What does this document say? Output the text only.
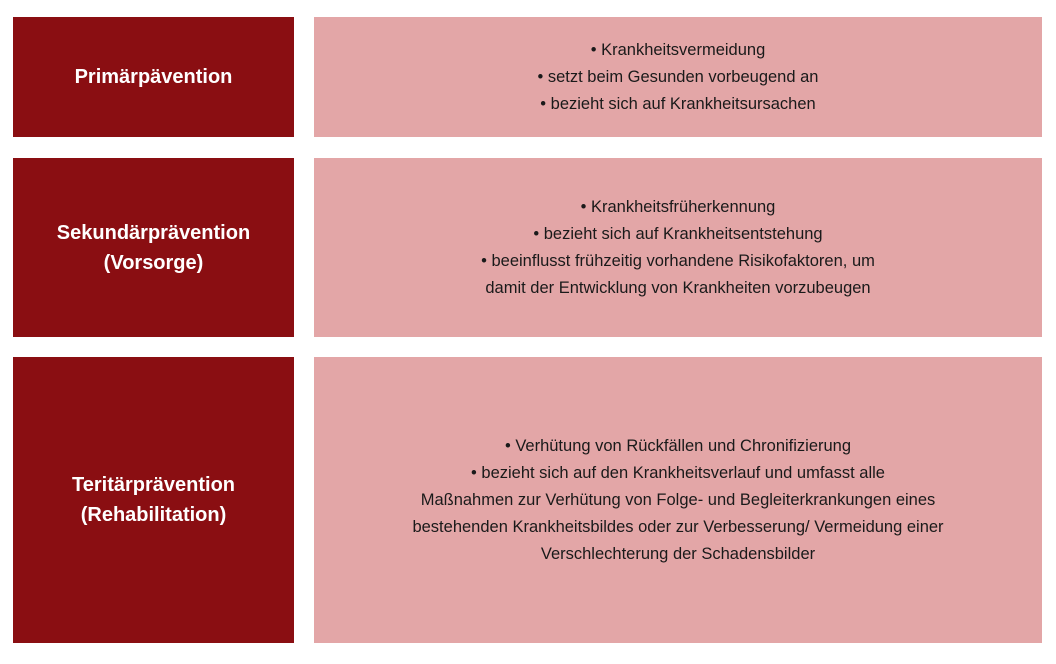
Primärpävention
• Krankheitsvermeidung
• setzt beim Gesunden vorbeugend an
• bezieht sich auf Krankheitsursachen
Sekundärprävention
(Vorsorge)
• Krankheitsfrüherkennung
• bezieht sich auf Krankheitsentstehung
• beeinflusst frühzeitig vorhandene Risikofaktoren, um
damit der Entwicklung von Krankheiten vorzubeugen
Teritärprävention
(Rehabilitation)
• Verhütung von Rückfällen und Chronifizierung
• bezieht sich auf den Krankheitsverlauf und umfasst alle
Maßnahmen zur Verhütung von Folge- und Begleiterkrankungen eines
bestehenden Krankheitsbildes oder zur Verbesserung/ Vermeidung einer
Verschlechterung der Schadensbilder
